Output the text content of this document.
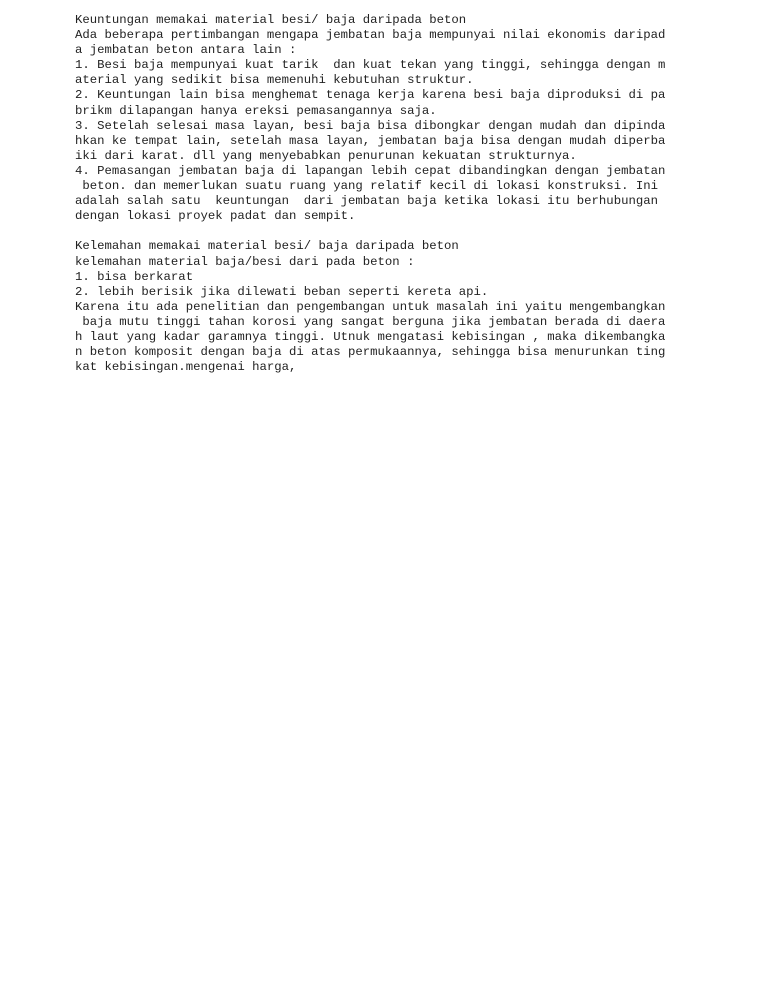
Keuntungan memakai material besi/ baja daripada beton
Ada beberapa pertimbangan mengapa jembatan baja mempunyai nilai ekonomis daripad
a jembatan beton antara lain :
1. Besi baja mempunyai kuat tarik  dan kuat tekan yang tinggi, sehingga dengan m
aterial yang sedikit bisa memenuhi kebutuhan struktur.
2. Keuntungan lain bisa menghemat tenaga kerja karena besi baja diproduksi di pa
brikm dilapangan hanya ereksi pemasangannya saja.
3. Setelah selesai masa layan, besi baja bisa dibongkar dengan mudah dan dipinda
hkan ke tempat lain, setelah masa layan, jembatan baja bisa dengan mudah diperba
iki dari karat. dll yang menyebabkan penurunan kekuatan strukturnya.
4. Pemasangan jembatan baja di lapangan lebih cepat dibandingkan dengan jembatan
beton. dan memerlukan suatu ruang yang relatif kecil di lokasi konstruksi. Ini
adalah salah satu  keuntungan  dari jembatan baja ketika lokasi itu berhubungan
dengan lokasi proyek padat dan sempit.
Kelemahan memakai material besi/ baja daripada beton
kelemahan material baja/besi dari pada beton :
1. bisa berkarat
2. lebih berisik jika dilewati beban seperti kereta api.
Karena itu ada penelitian dan pengembangan untuk masalah ini yaitu mengembangkan
baja mutu tinggi tahan korosi yang sangat berguna jika jembatan berada di daera
h laut yang kadar garamnya tinggi. Utnuk mengatasi kebisingan , maka dikembangka
n beton komposit dengan baja di atas permukaannya, sehingga bisa menurunkan ting
kat kebisingan.mengenai harga,
